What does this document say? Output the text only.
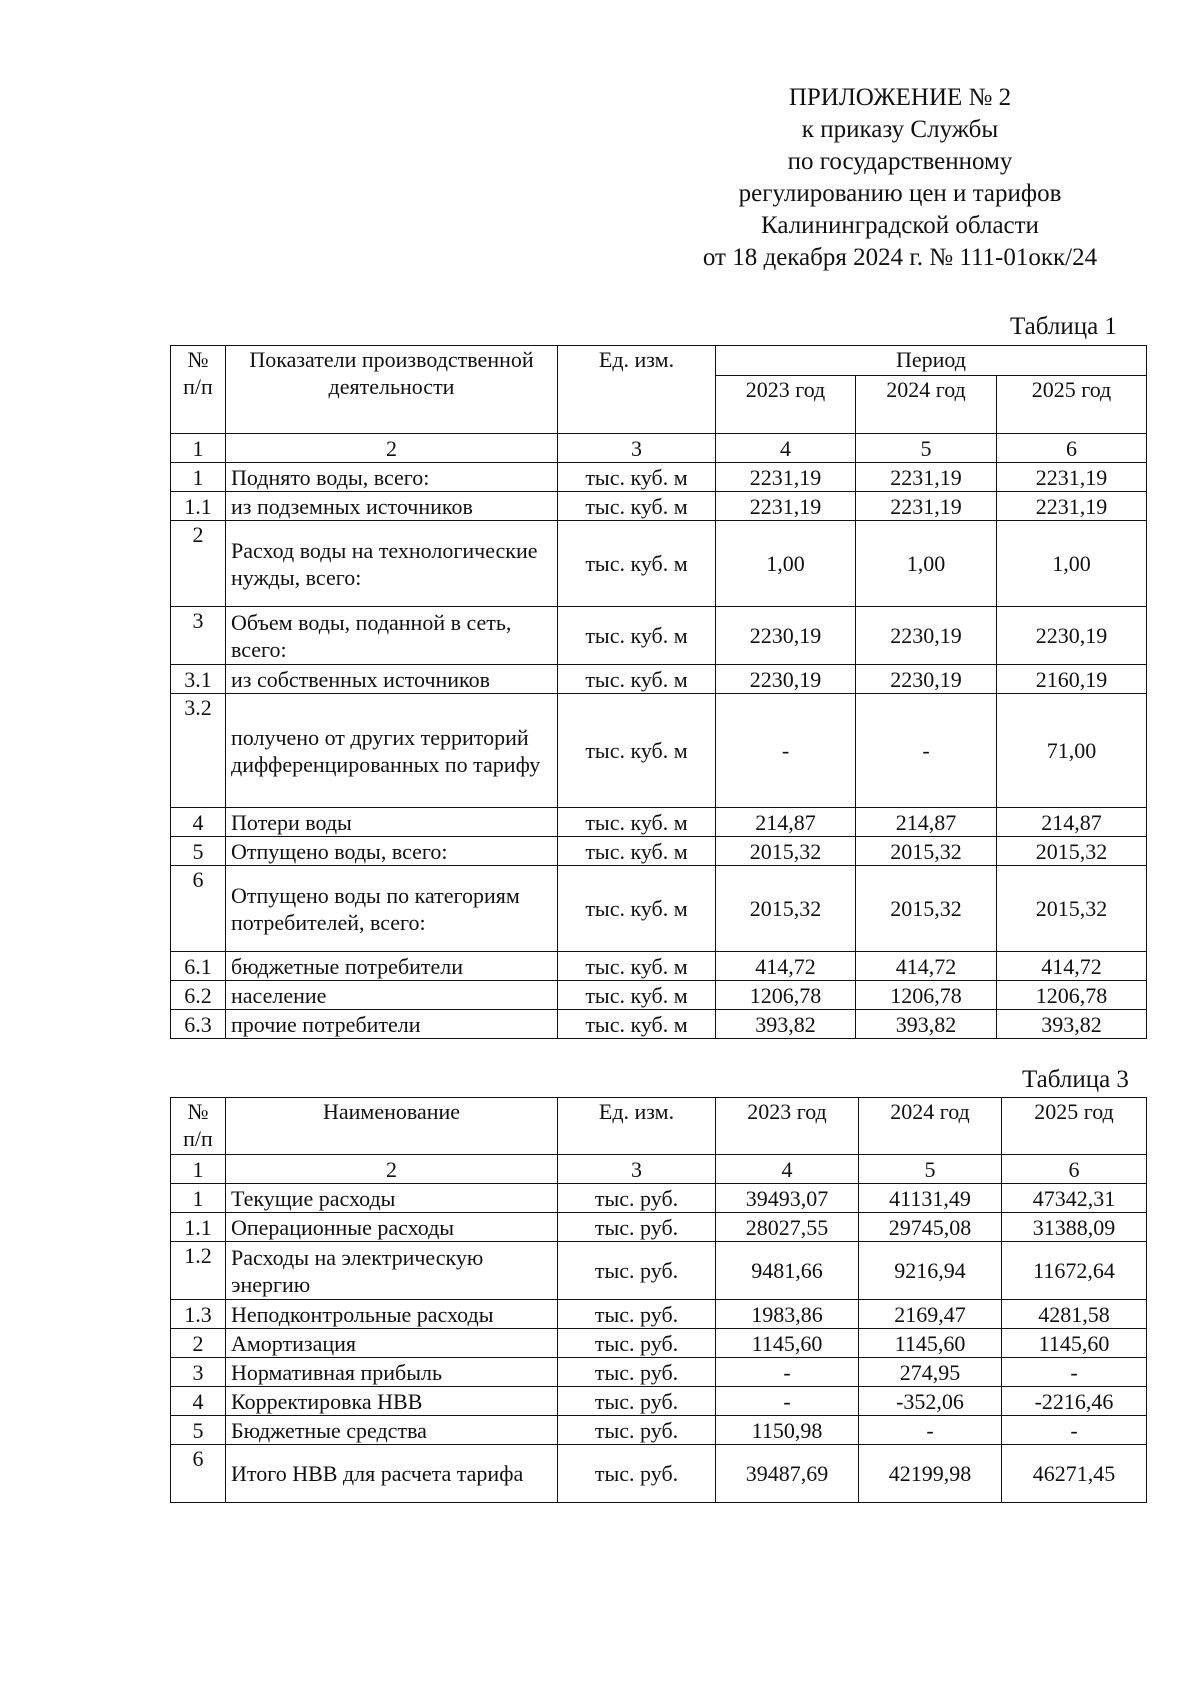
ПРИЛОЖЕНИЕ № 2
к приказу Службы
по государственному
регулированию цен и тарифов
Калининградской области
от 18 декабря 2024 г. № 111-01окк/24
Таблица 1
№ п/п	Показатели производственной деятельности	Ед. изм.	Период		
			2023 год	2024 год	2025 год
1	2	3	4	5	6
1	Поднято воды, всего:	тыс. куб. м	2231,19	2231,19	2231,19
1.1	из подземных источников	тыс. куб. м	2231,19	2231,19	2231,19
2	Расход воды на технологические нужды, всего:	тыс. куб. м	1,00	1,00	1,00
3	Объем воды, поданной в сеть, всего:	тыс. куб. м	2230,19	2230,19	2230,19
3.1	из собственных источников	тыс. куб. м	2230,19	2230,19	2160,19
3.2	получено от других территорий дифференцированных по тарифу	тыс. куб. м	-	-	71,00
4	Потери воды	тыс. куб. м	214,87	214,87	214,87
5	Отпущено воды, всего:	тыс. куб. м	2015,32	2015,32	2015,32
6	Отпущено воды по категориям потребителей, всего:	тыс. куб. м	2015,32	2015,32	2015,32
6.1	бюджетные потребители	тыс. куб. м	414,72	414,72	414,72
6.2	население	тыс. куб. м	1206,78	1206,78	1206,78
6.3	прочие потребители	тыс. куб. м	393,82	393,82	393,82
Таблица 3
№ п/п	Наименование	Ед. изм.	2023 год	2024 год	2025 год
1	2	3	4	5	6
1	Текущие расходы	тыс. руб.	39493,07	41131,49	47342,31
1.1	Операционные расходы	тыс. руб.	28027,55	29745,08	31388,09
1.2	Расходы на электрическую энергию	тыс. руб.	9481,66	9216,94	11672,64
1.3	Неподконтрольные расходы	тыс. руб.	1983,86	2169,47	4281,58
2	Амортизация	тыс. руб.	1145,60	1145,60	1145,60
3	Нормативная прибыль	тыс. руб.	-	274,95	-
4	Корректировка НВВ	тыс. руб.	-	-352,06	-2216,46
5	Бюджетные средства	тыс. руб.	1150,98	-	-
6	Итого НВВ для расчета тарифа	тыс. руб.	39487,69	42199,98	46271,45
